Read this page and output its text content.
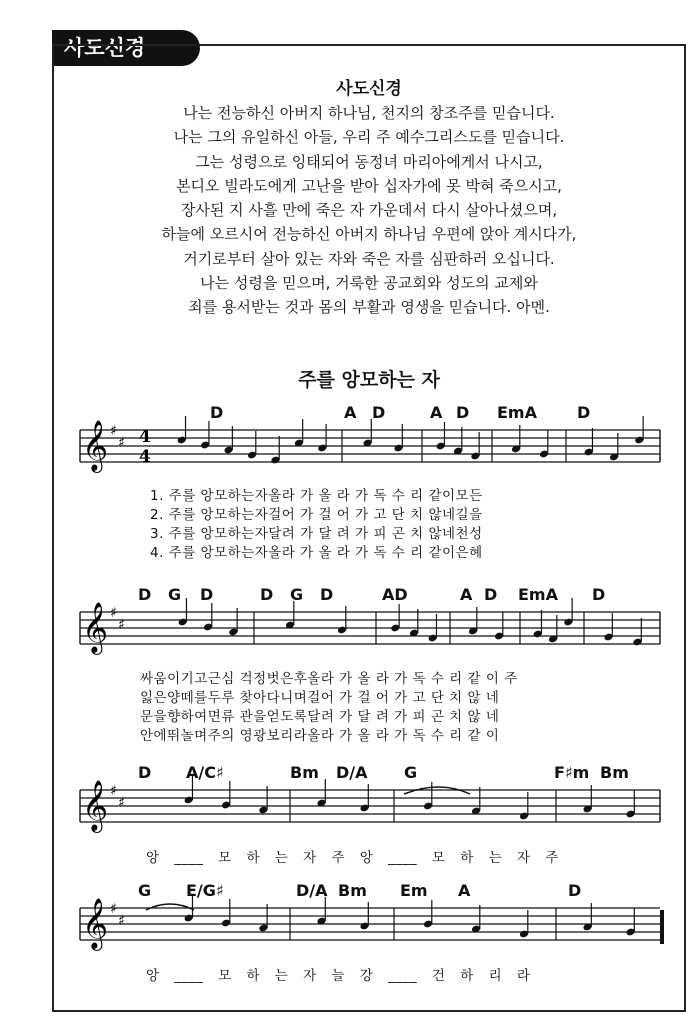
사도신경
사도신경
나는 전능하신 아버지 하나님, 천지의 창조주를 믿습니다.
나는 그의 유일하신 아들, 우리 주 예수그리스도를 믿습니다.
그는 성령으로 잉태되어 동정녀 마리아에게서 나시고,
본디오 빌라도에게 고난을 받아 십자가에 못 박혀 죽으시고,
장사된 지 사흘 만에 죽은 자 가운데서 다시 살아나셨으며,
하늘에 오르시어 전능하신 아버지 하나님 우편에 앉아 계시다가,
거기로부터 살아 있는 자와 죽은 자를 심판하러 오십니다.
나는 성령을 믿으며, 거룩한 공교회와 성도의 교제와
죄를 용서받는 것과 몸의 부활과 영생을 믿습니다. 아멘.
주를 앙모하는 자
𝄞 ♯
♯
𝄞 ♯
♯
𝄞 ♯
♯
𝄞 ♯
♯
D	A D	A D EmA	D
D G D	D G D	AD	A D EmA D
D A/C♯	Bm D/A G	F♯m Bm
G E/G♯	D/A Bm Em A	D
4
4
1. 주를 앙모하는자올라 가 올 라 가 독 수 리 같이모든
2. 주를 앙모하는자걸어 가 걸 어 가 고 단 치 않네길을
3. 주를 앙모하는자달려 가 달 려 가 피 곤 치 않네천성
4. 주를 앙모하는자올라 가 올 라 가 독 수 리 같이은혜
싸움이기고근심 걱정벗은후올라 가 올 라 가 독 수 리 같 이 주
잃은양떼를두루 찾아다니며걸어 가 걸 어 가 고 단 치 않 네
문을향하여면류 관을얻도록달려 가 달 려 가 피 곤 치 않 네
안에뛰놀며주의 영광보리라올라 가 올 라 가 독 수 리 같 이
앙 ____ 모 하 는 자 주 앙 ____ 모 하 는 자 주
앙 ____ 모 하 는 자 늘 강 ____ 건 하 리 라
